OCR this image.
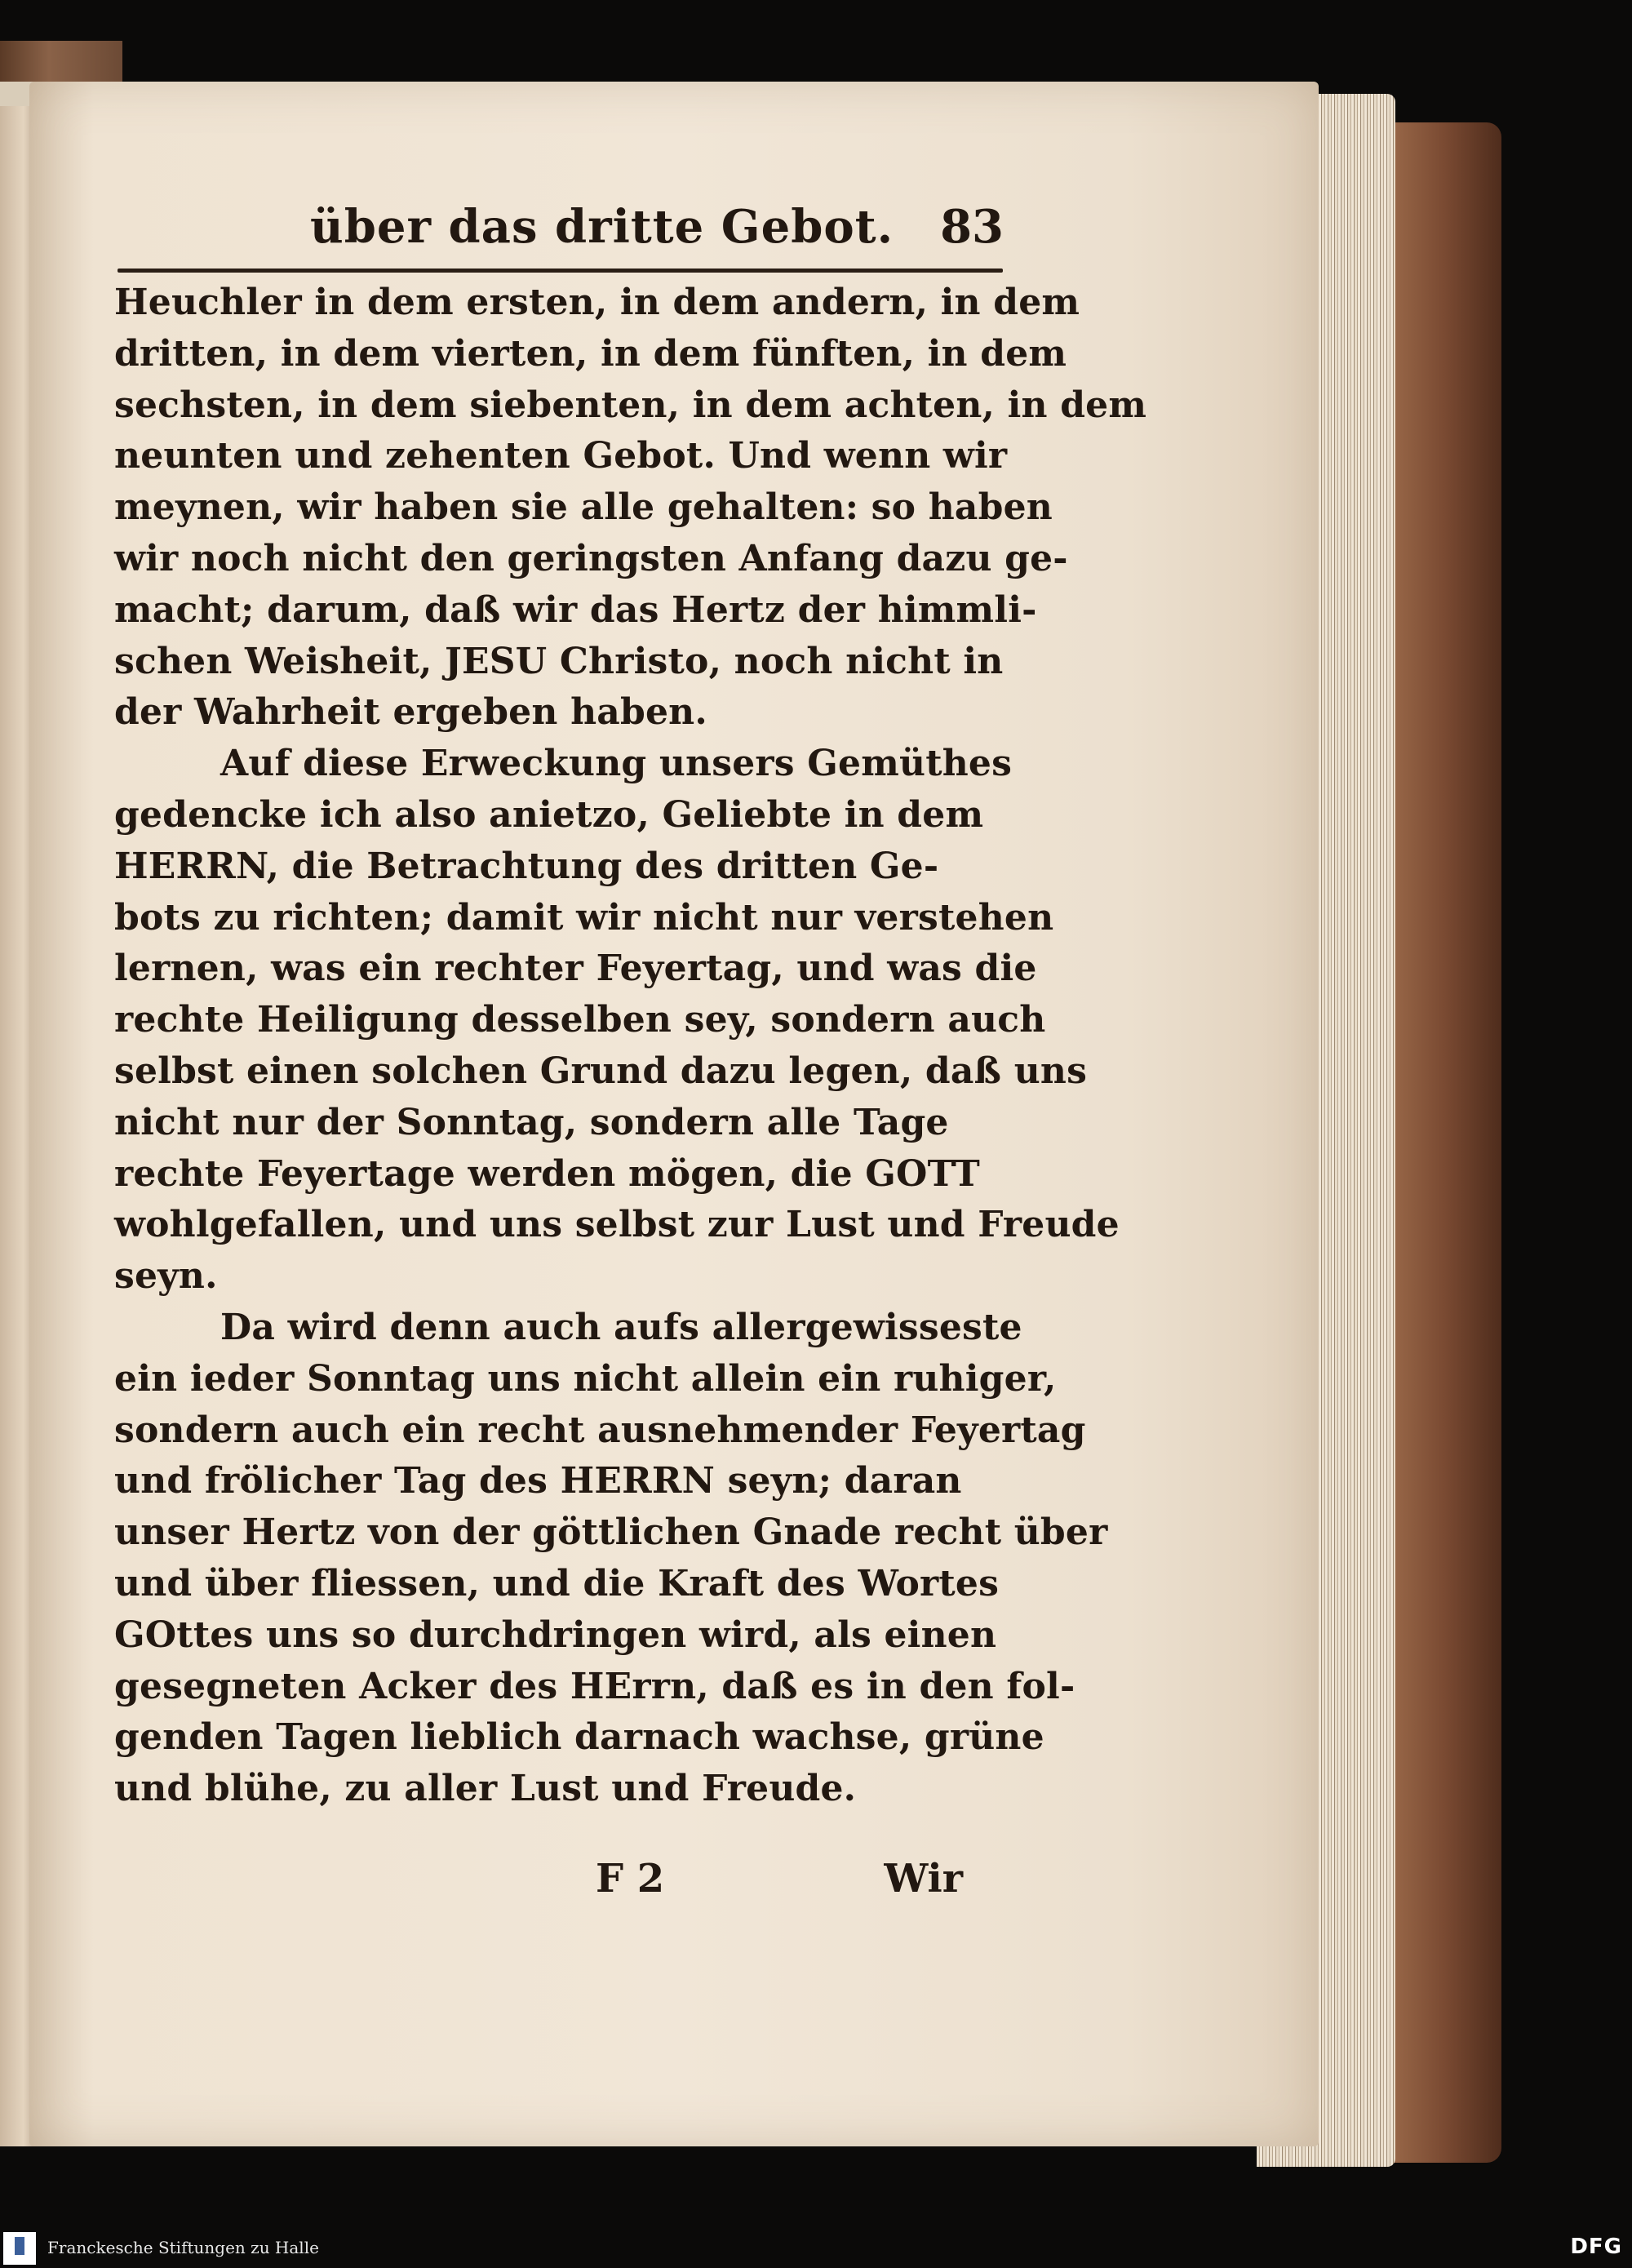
über das dritte Gebot. 83
Heuchler in dem ersten, in dem andern, in dem
dritten, in dem vierten, in dem fünften, in dem
sechsten, in dem siebenten, in dem achten, in dem
neunten und zehenten Gebot. Und wenn wir
meynen, wir haben sie alle gehalten: so haben
wir noch nicht den geringsten Anfang dazu ge-
macht; darum, daß wir das Hertz der himmli-
schen Weisheit, JESU Christo, noch nicht in
der Wahrheit ergeben haben.
Auf diese Erweckung unsers Gemüthes
gedencke ich also anietzo, Geliebte in dem
HERRN, die Betrachtung des dritten Ge-
bots zu richten; damit wir nicht nur verstehen
lernen, was ein rechter Feyertag, und was die
rechte Heiligung desselben sey, sondern auch
selbst einen solchen Grund dazu legen, daß uns
nicht nur der Sonntag, sondern alle Tage
rechte Feyertage werden mögen, die GOTT
wohlgefallen, und uns selbst zur Lust und Freude
seyn.
Da wird denn auch aufs allergewisseste
ein ieder Sonntag uns nicht allein ein ruhiger,
sondern auch ein recht ausnehmender Feyertag
und frölicher Tag des HERRN seyn; daran
unser Hertz von der göttlichen Gnade recht über
und über fliessen, und die Kraft des Wortes
GOttes uns so durchdringen wird, als einen
gesegneten Acker des HErrn, daß es in den fol-
genden Tagen lieblich darnach wachse, grüne
und blühe, zu aller Lust und Freude.
F 2	Wir
Franckesche Stiftungen zu Halle	DFG
